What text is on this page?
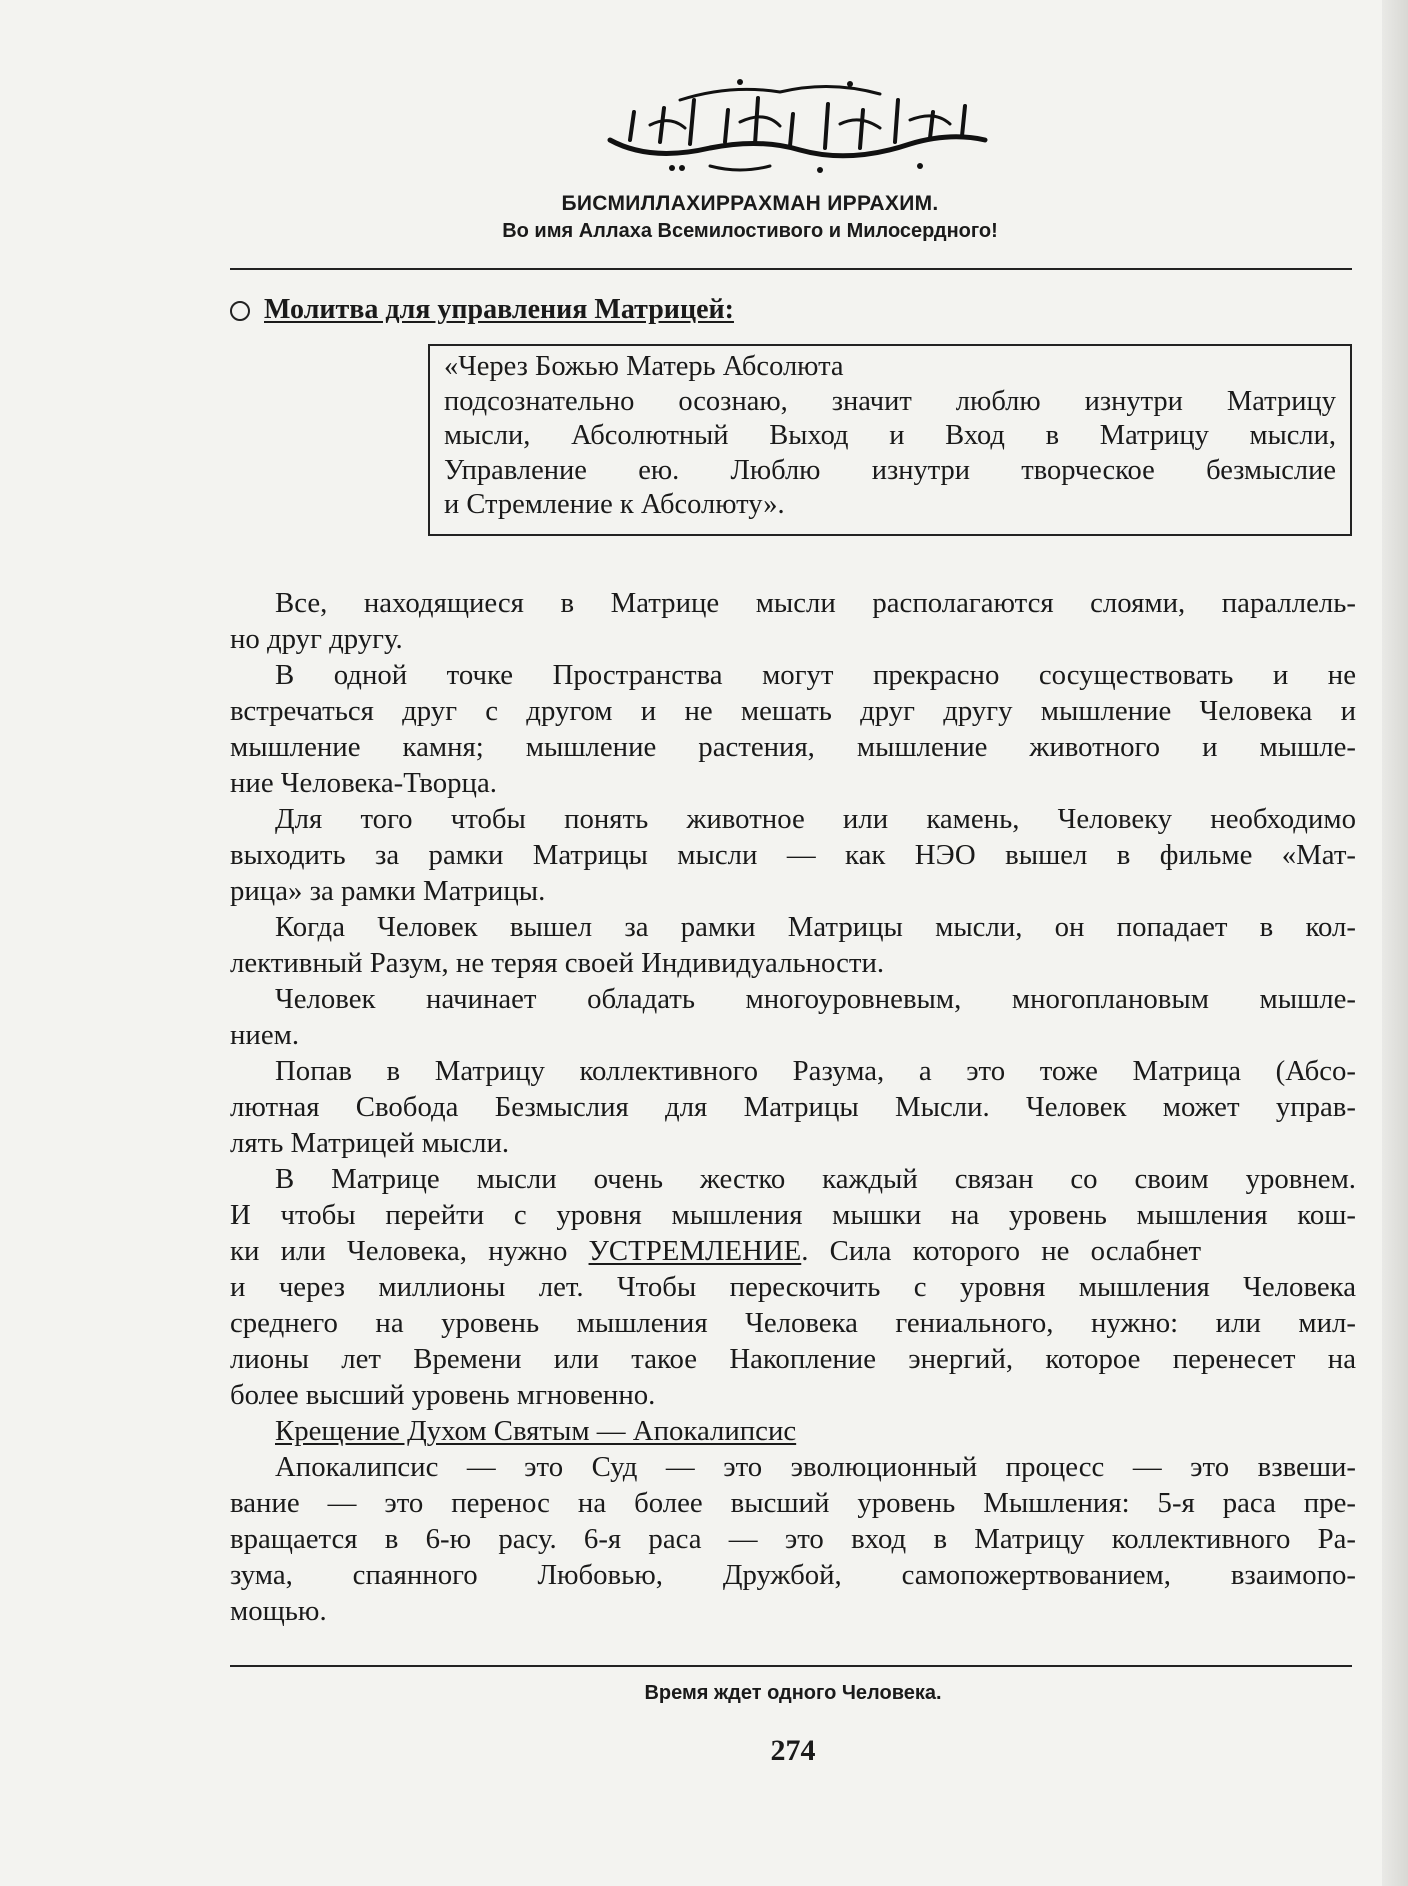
БИСМИЛЛАХИРРАХМАН ИРРАХИМ.
Во имя Аллаха Всемилостивого и Милосердного!
Молитва для управления Матрицей:
«Через Божью Матерь Абсолюта
подсознательно осознаю, значит люблю изнутри Матрицу
мысли, Абсолютный Выход и Вход в Матрицу мысли,
Управление ею. Люблю изнутри творческое безмыслие
и Стремление к Абсолюту».
Все, находящиеся в Матрице мысли располагаются слоями, параллель-
но друг другу.
В одной точке Пространства могут прекрасно сосуществовать и не
встречаться друг с другом и не мешать друг другу мышление Человека и
мышление камня; мышление растения, мышление животного и мышле-
ние Человека-Творца.
Для того чтобы понять животное или камень, Человеку необходимо
выходить за рамки Матрицы мысли — как НЭО вышел в фильме «Мат-
рица» за рамки Матрицы.
Когда Человек вышел за рамки Матрицы мысли, он попадает в кол-
лективный Разум, не теряя своей Индивидуальности.
Человек начинает обладать многоуровневым, многоплановым мышле-
нием.
Попав в Матрицу коллективного Разума, а это тоже Матрица (Абсо-
лютная Свобода Безмыслия для Матрицы Мысли. Человек может управ-
лять Матрицей мысли.
В Матрице мысли очень жестко каждый связан со своим уровнем.
И чтобы перейти с уровня мышления мышки на уровень мышления кош-
ки или Человека, нужно УСТРЕМЛЕНИЕ . Сила которого не ослабнет
и через миллионы лет. Чтобы перескочить с уровня мышления Человека
среднего на уровень мышления Человека гениального, нужно: или мил-
лионы лет Времени или такое Накопление энергий, которое перенесет на
более высший уровень мгновенно.
Крещение Духом Святым — Апокалипсис
Апокалипсис — это Суд — это эволюционный процесс — это взвеши-
вание — это перенос на более высший уровень Мышления: 5-я раса пре-
вращается в 6-ю расу. 6-я раса — это вход в Матрицу коллективного Ра-
зума, спаянного Любовью, Дружбой, самопожертвованием, взаимопо-
мощью.
Время ждет одного Человека.
274
